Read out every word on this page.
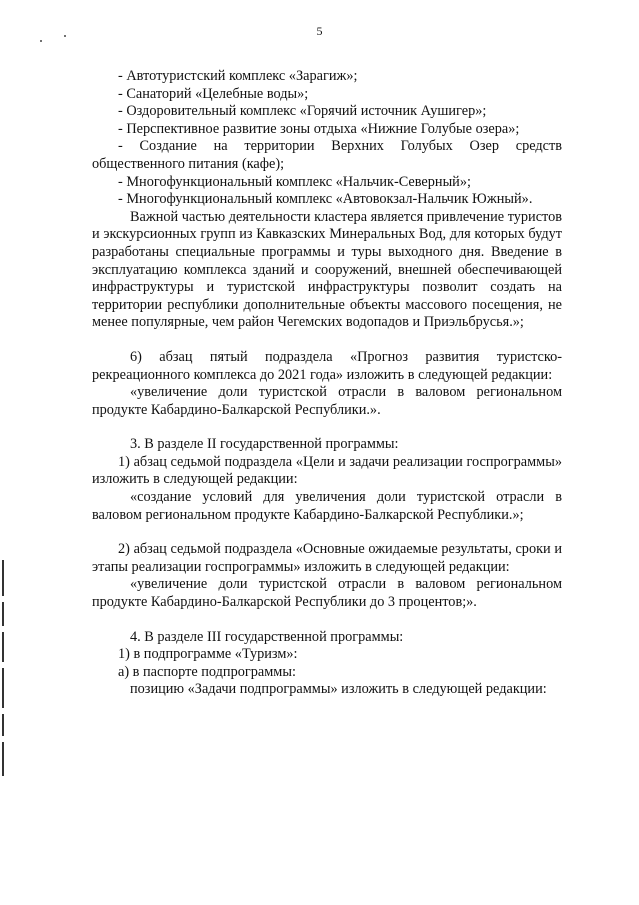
5

- Автотуристский комплекс «Зарагиж»;

- Санаторий «Целебные воды»;

- Оздоровительный комплекс «Горячий источник Аушигер»;

- Перспективное развитие зоны отдыха «Нижние Голубые озера»;

- Создание на территории Верхних Голубых Озер средств общественного питания (кафе);

- Многофункциональный комплекс «Нальчик-Северный»;

- Многофункциональный комплекс «Автовокзал-Нальчик Южный».

Важной частью деятельности кластера является привлечение туристов и экскурсионных групп из Кавказских Минеральных Вод, для которых будут разработаны специальные программы и туры выходного дня. Введение в эксплуатацию комплекса зданий и сооружений, внешней обеспечивающей инфраструктуры и туристской инфраструктуры позволит создать на территории республики дополнительные объекты массового посещения, не менее популярные, чем район Чегемских водопадов и Приэльбрусья.»;

6) абзац пятый подраздела «Прогноз развития туристско-рекреационного комплекса до 2021 года» изложить в следующей редакции:

«увеличение доли туристской отрасли в валовом региональном продукте Кабардино-Балкарской Республики.».

3. В разделе II государственной программы:

1) абзац седьмой подраздела «Цели и задачи реализации госпрограммы» изложить в следующей редакции:

«создание условий для увеличения доли туристской отрасли в валовом региональном продукте Кабардино-Балкарской Республики.»;

2) абзац седьмой подраздела «Основные ожидаемые результаты, сроки и этапы реализации госпрограммы» изложить в следующей редакции:

«увеличение доли туристской отрасли в валовом региональном продукте Кабардино-Балкарской Республики до 3 процентов;».

4. В разделе III государственной программы:

1) в подпрограмме «Туризм»:

а) в паспорте подпрограммы:

позицию «Задачи подпрограммы» изложить в следующей редакции:
